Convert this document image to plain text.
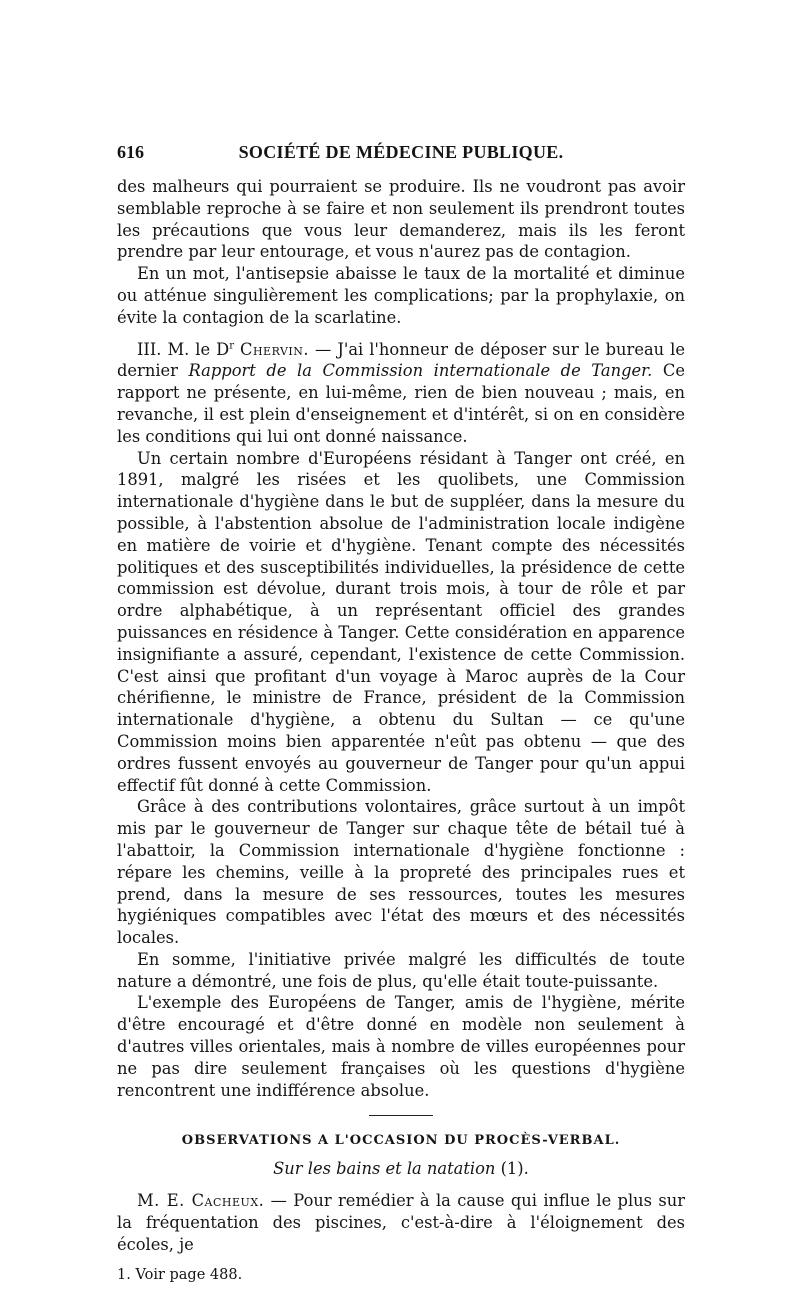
616	SOCIÉTÉ DE MÉDECINE PUBLIQUE.

des malheurs qui pourraient se produire. Ils ne voudront pas avoir semblable reproche à se faire et non seulement ils prendront toutes les précautions que vous leur demanderez, mais ils les feront prendre par leur entourage, et vous n'aurez pas de contagion.

En un mot, l'antisepsie abaisse le taux de la mortalité et diminue ou atténue singulièrement les complications; par la prophylaxie, on évite la contagion de la scarlatine.

III. M. le $D^r$ Chervin. — J'ai l'honneur de déposer sur le bureau le dernier Rapport de la Commission internationale de Tanger. Ce rapport ne présente, en lui-même, rien de bien nouveau ; mais, en revanche, il est plein d'enseignement et d'intérêt, si on en considère les conditions qui lui ont donné naissance.

Un certain nombre d'Européens résidant à Tanger ont créé, en 1891, malgré les risées et les quolibets, une Commission internationale d'hygiène dans le but de suppléer, dans la mesure du possible, à l'abstention absolue de l'administration locale indigène en matière de voirie et d'hygiène. Tenant compte des nécessités politiques et des susceptibilités individuelles, la présidence de cette commission est dévolue, durant trois mois, à tour de rôle et par ordre alphabétique, à un représentant officiel des grandes puissances en résidence à Tanger. Cette considération en apparence insignifiante a assuré, cependant, l'existence de cette Commission. C'est ainsi que profitant d'un voyage à Maroc auprès de la Cour chérifienne, le ministre de France, président de la Commission internationale d'hygiène, a obtenu du Sultan — ce qu'une Commission moins bien apparentée n'eût pas obtenu — que des ordres fussent envoyés au gouverneur de Tanger pour qu'un appui effectif fût donné à cette Commission.

Grâce à des contributions volontaires, grâce surtout à un impôt mis par le gouverneur de Tanger sur chaque tête de bétail tué à l'abattoir, la Commission internationale d'hygiène fonctionne : répare les chemins, veille à la propreté des principales rues et prend, dans la mesure de ses ressources, toutes les mesures hygiéniques compatibles avec l'état des mœurs et des nécessités locales.

En somme, l'initiative privée malgré les difficultés de toute nature a démontré, une fois de plus, qu'elle était toute-puissante.

L'exemple des Européens de Tanger, amis de l'hygiène, mérite d'être encouragé et d'être donné en modèle non seulement à d'autres villes orientales, mais à nombre de villes européennes pour ne pas dire seulement françaises où les questions d'hygiène rencontrent une indifférence absolue.

OBSERVATIONS A L'OCCASION DU PROCÈS-VERBAL.
Sur les bains et la natation (1).

M. E. Cacheux. — Pour remédier à la cause qui influe le plus sur la fréquentation des piscines, c'est-à-dire à l'éloignement des écoles, je

1. Voir page 488.
